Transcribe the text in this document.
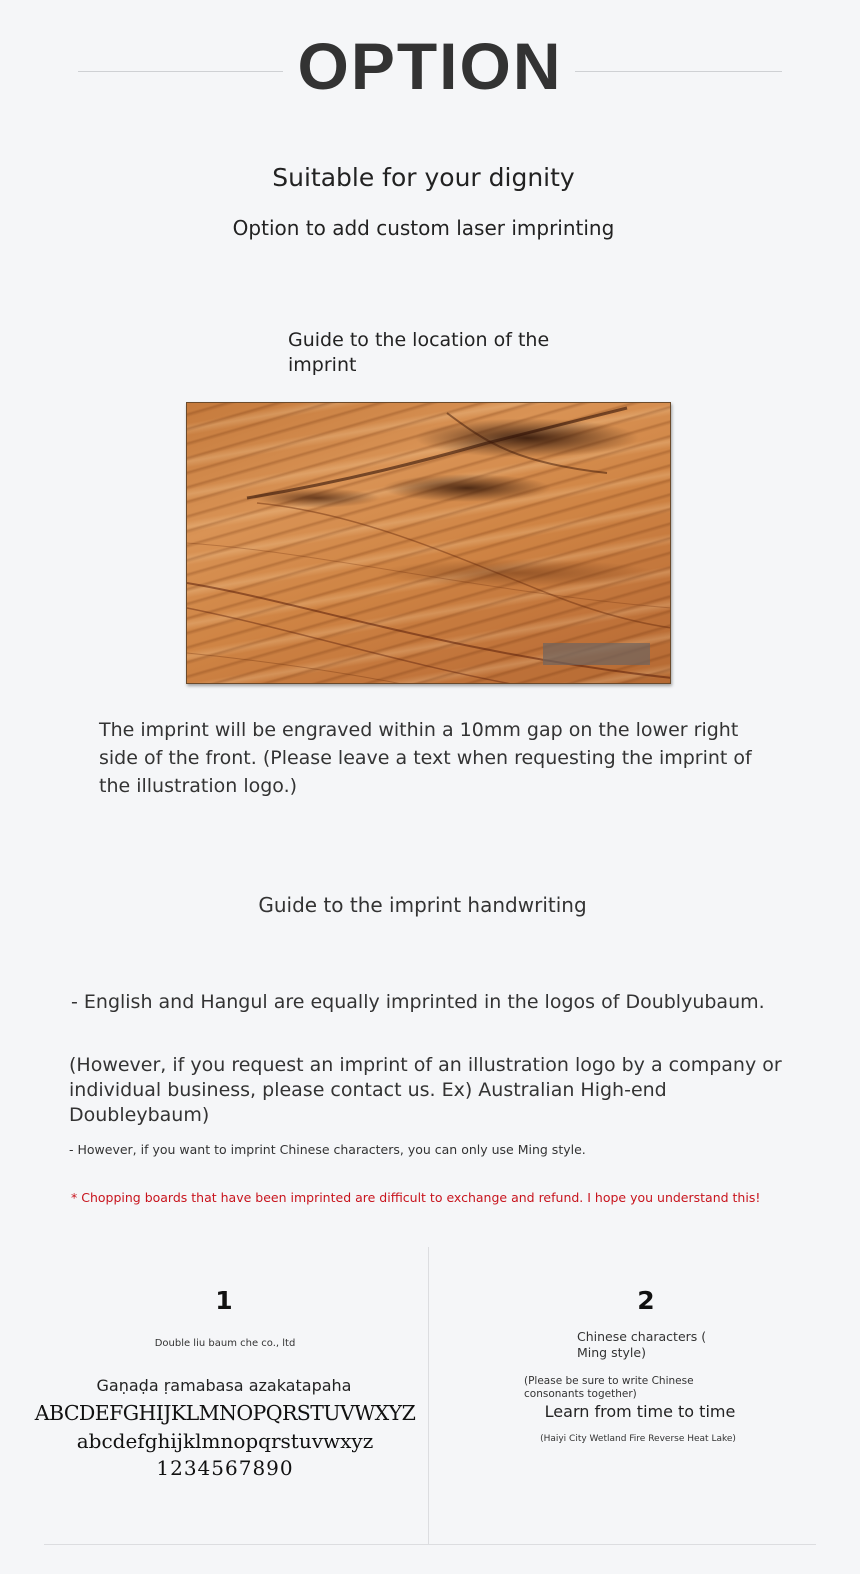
OPTION
Suitable for your dignity
Option to add custom laser imprinting
Guide to the location of the imprint
The imprint will be engraved within a 10mm gap on the lower right side of the front. (Please leave a text when requesting the imprint of the illustration logo.)
Guide to the imprint handwriting
- English and Hangul are equally imprinted in the logos of Doublyubaum.
(However, if you request an imprint of an illustration logo by a company or individual business, please contact us. Ex) Australian High-end Doubleybaum)
- However, if you want to imprint Chinese characters, you can only use Ming style.
* Chopping boards that have been imprinted are difficult to exchange and refund. I hope you understand this!
1
Double liu baum che co., ltd
Gaṇaḍa ṛamabasa azakatapaha
ABCDEFGHIJKLMNOPQRSTUVWXYZ
abcdefghijklmnopqrstuvwxyz
1234567890
2
Chinese characters ( Ming style)
(Please be sure to write Chinese consonants together)
Learn from time to time
(Haiyi City Wetland Fire Reverse Heat Lake)
